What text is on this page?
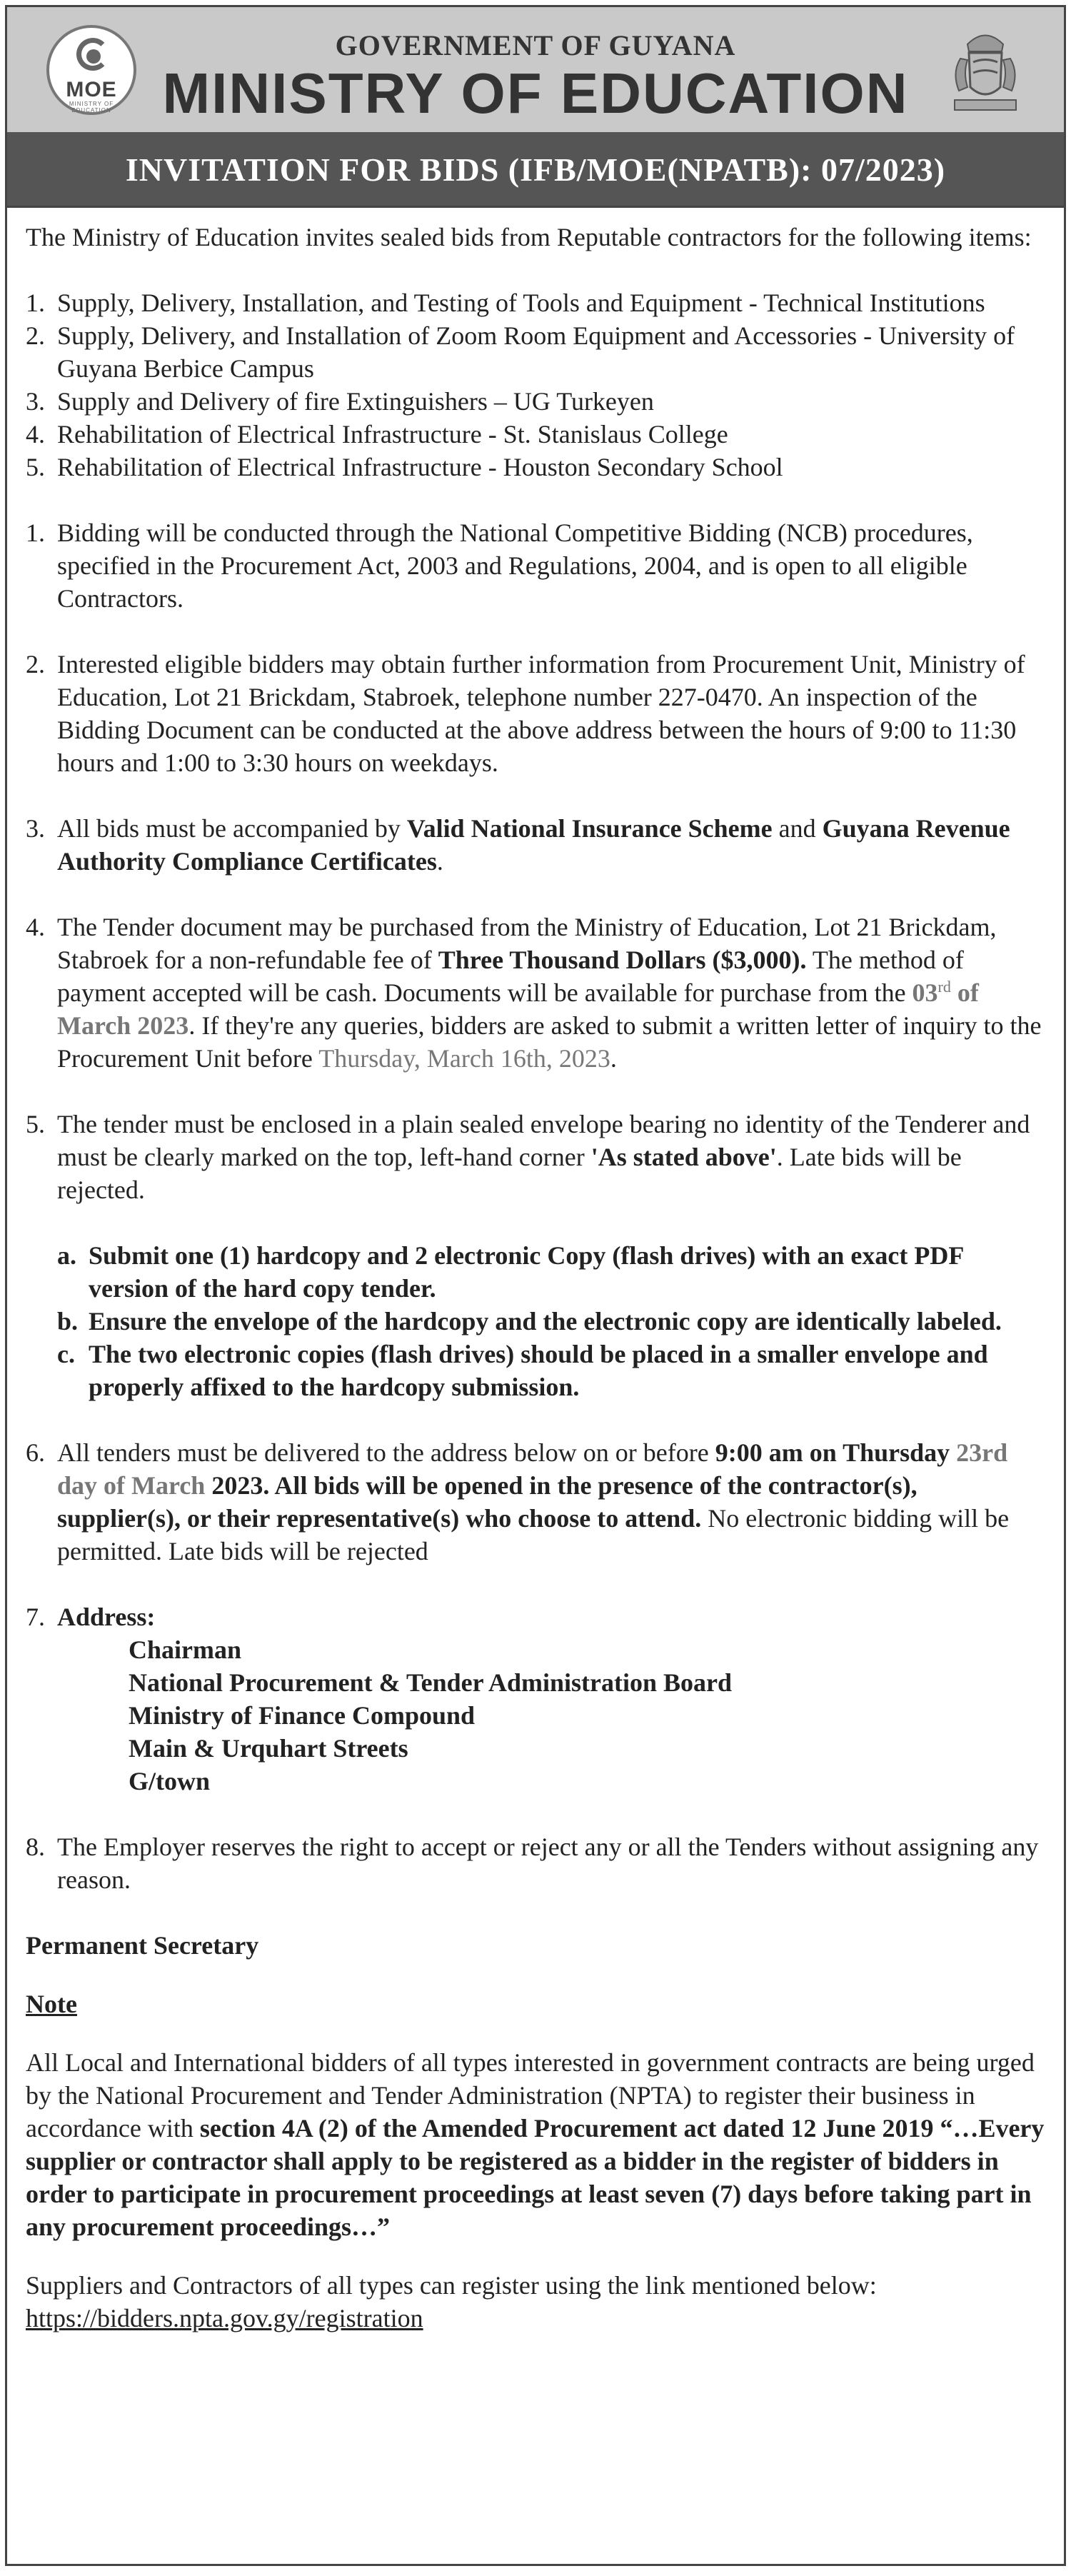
MOE
MINISTRY OF EDUCATION
GOVERNMENT OF GUYANA
MINISTRY OF EDUCATION
INVITATION FOR BIDS (IFB/MOE(NPATB): 07/2023)

The Ministry of Education invites sealed bids from Reputable contractors for the following items:

1. Supply, Delivery, Installation, and Testing of Tools and Equipment - Technical Institutions
2. Supply, Delivery, and Installation of Zoom Room Equipment and Accessories - University of Guyana Berbice Campus
3. Supply and Delivery of fire Extinguishers – UG Turkeyen
4. Rehabilitation of Electrical Infrastructure - St. Stanislaus College
5. Rehabilitation of Electrical Infrastructure - Houston Secondary School
1. Bidding will be conducted through the National Competitive Bidding (NCB) procedures, specified in the Procurement Act, 2003 and Regulations, 2004, and is open to all eligible Contractors.
2. Interested eligible bidders may obtain further information from Procurement Unit, Ministry of Education, Lot 21 Brickdam, Stabroek, telephone number 227-0470. An inspection of the Bidding Document can be conducted at the above address between the hours of 9:00 to 11:30 hours and 1:00 to 3:30 hours on weekdays.
3. All bids must be accompanied by Valid National Insurance Scheme and Guyana Revenue Authority Compliance Certificates.
4. The Tender document may be purchased from the Ministry of Education, Lot 21 Brickdam, Stabroek for a non-refundable fee of Three Thousand Dollars ($3,000). The method of payment accepted will be cash. Documents will be available for purchase from the 03rd of March 2023. If they're any queries, bidders are asked to submit a written letter of inquiry to the Procurement Unit before Thursday, March 16th, 2023.
5. The tender must be enclosed in a plain sealed envelope bearing no identity of the Tenderer and must be clearly marked on the top, left-hand corner 'As stated above'. Late bids will be rejected.
a. Submit one (1) hardcopy and 2 electronic Copy (flash drives) with an exact PDF version of the hard copy tender.
b. Ensure the envelope of the hardcopy and the electronic copy are identically labeled.
c. The two electronic copies (flash drives) should be placed in a smaller envelope and properly affixed to the hardcopy submission.
6. All tenders must be delivered to the address below on or before 9:00 am on Thursday 23rd day of March 2023. All bids will be opened in the presence of the contractor(s), supplier(s), or their representative(s) who choose to attend. No electronic bidding will be permitted. Late bids will be rejected
7. Address:
Chairman
National Procurement & Tender Administration Board
Ministry of Finance Compound
Main & Urquhart Streets
G/town
8. The Employer reserves the right to accept or reject any or all the Tenders without assigning any reason.

Permanent Secretary

Note

All Local and International bidders of all types interested in government contracts are being urged by the National Procurement and Tender Administration (NPTA) to register their business in accordance with section 4A (2) of the Amended Procurement act dated 12 June 2019 “…Every supplier or contractor shall apply to be registered as a bidder in the register of bidders in order to participate in procurement proceedings at least seven (7) days before taking part in any procurement proceedings…”

Suppliers and Contractors of all types can register using the link mentioned below: https://bidders.npta.gov.gy/registration
